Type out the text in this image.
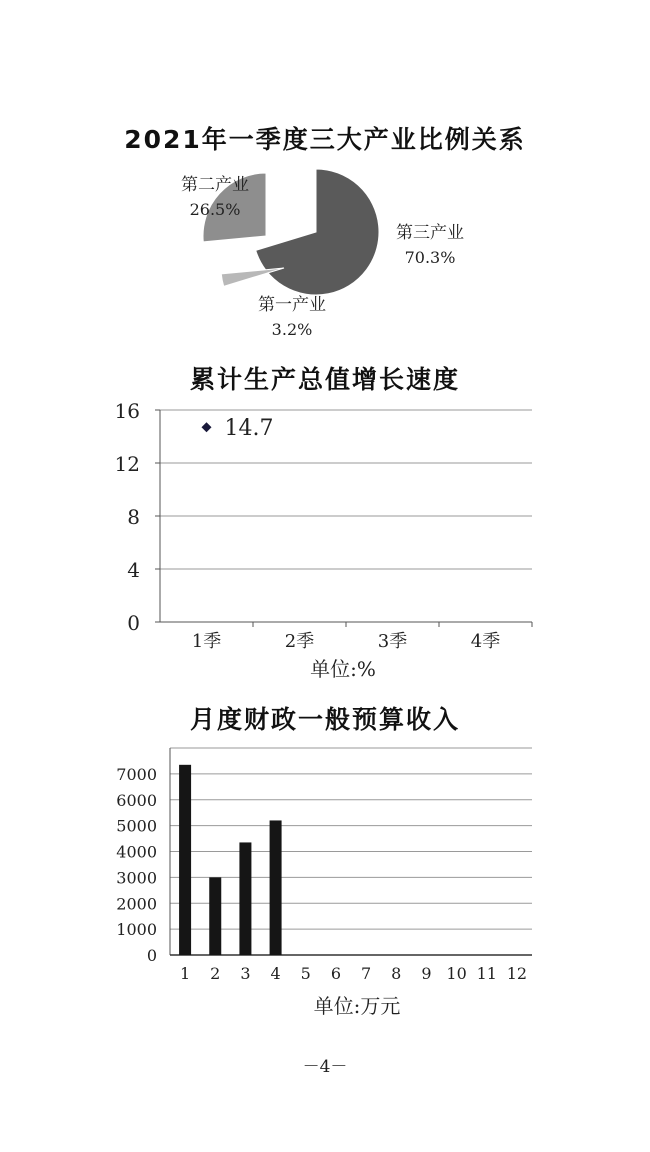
2021年一季度三大产业比例关系
第三产业
70.3%
第一产业
3.2%
第二产业
26.5%
累计生产总值增长速度
16
12
8
4
0
1季	2季	3季	4季
14.7
单位:%
月度财政一般预算收入
7000
6000
5000
4000
3000
2000
1000
0
1 2 3 4 5 6 7 8 9 10 11 12
单位:万元
－4－
